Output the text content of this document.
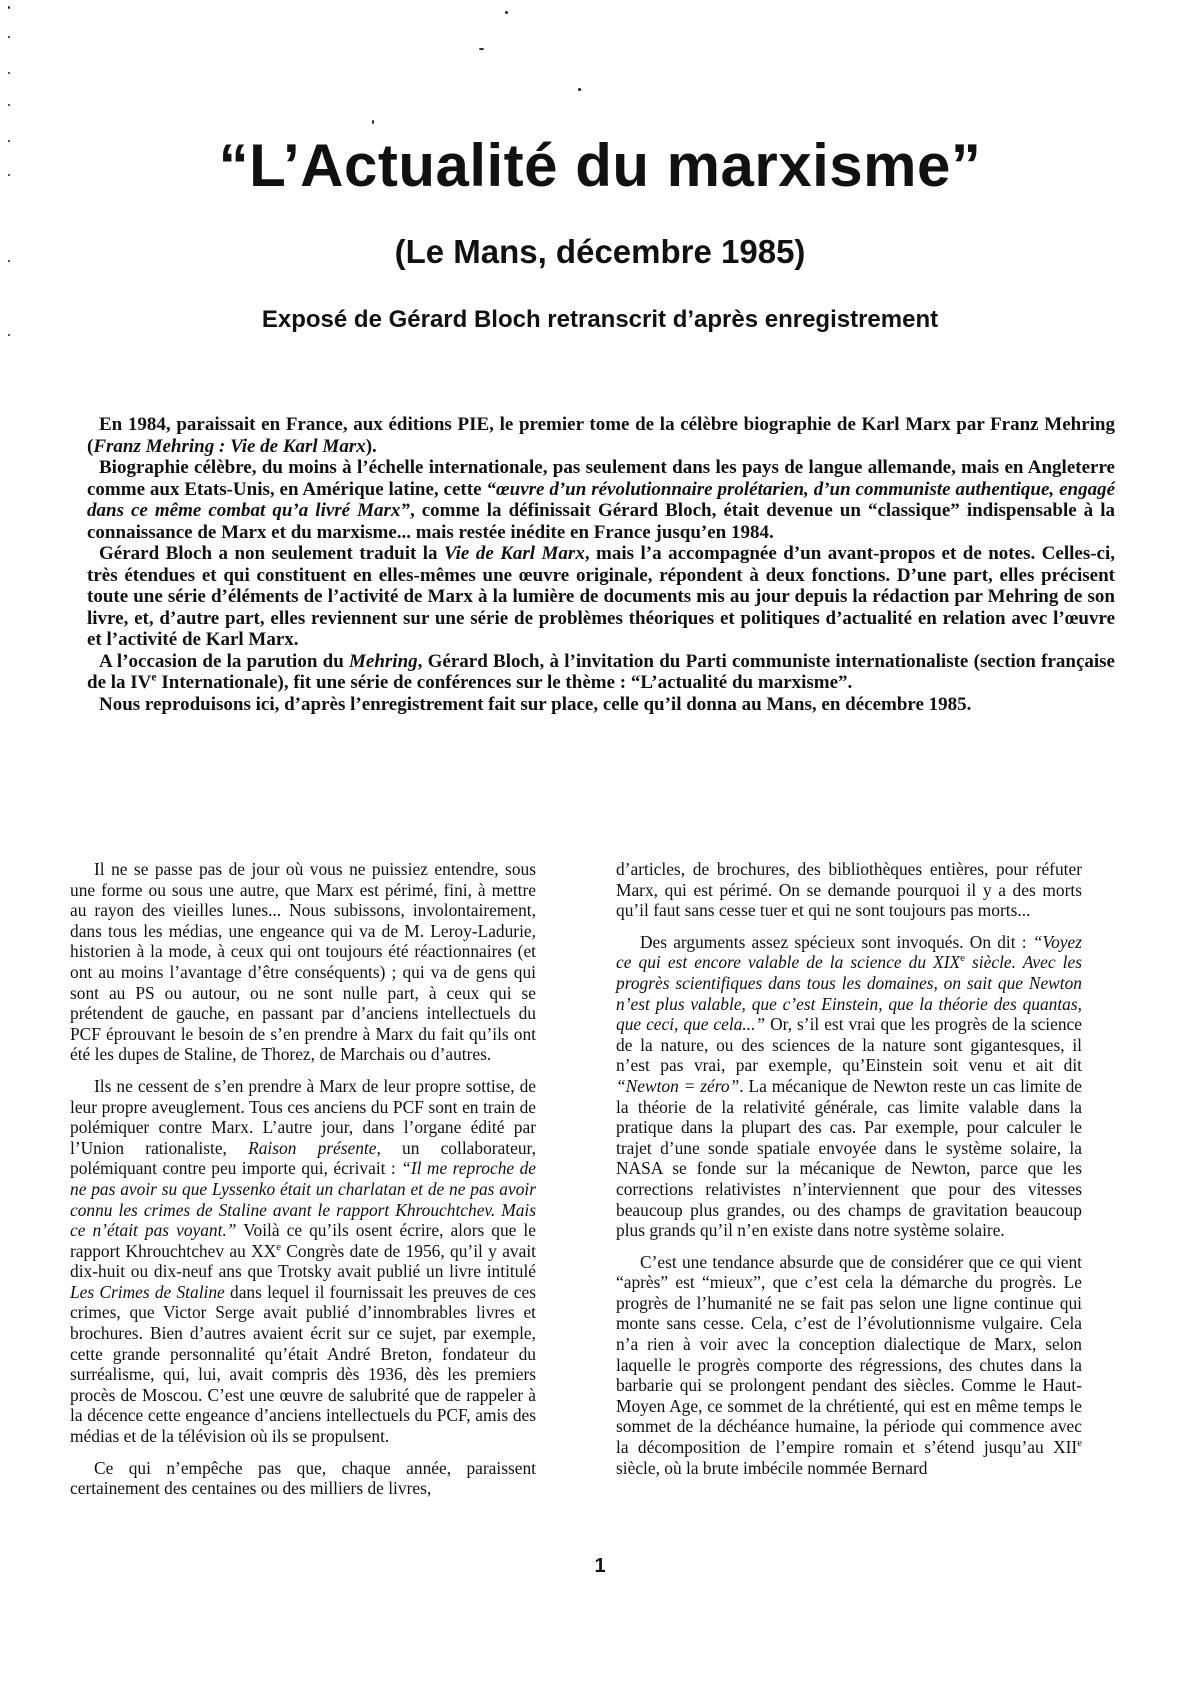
“L’Actualité du marxisme”
(Le Mans, décembre 1985)
Exposé de Gérard Bloch retranscrit d’après enregistrement

En 1984, paraissait en France, aux éditions PIE, le premier tome de la célèbre biographie de Karl Marx par Franz Mehring (Franz Mehring : Vie de Karl Marx).

Biographie célèbre, du moins à l’échelle internationale, pas seulement dans les pays de langue allemande, mais en Angleterre comme aux Etats-Unis, en Amérique latine, cette “œuvre d’un révolutionnaire prolétarien, d’un communiste authentique, engagé dans ce même combat qu’a livré Marx”, comme la définissait Gérard Bloch, était devenue un “classique” indispensable à la connaissance de Marx et du marxisme... mais restée inédite en France jusqu’en 1984.

Gérard Bloch a non seulement traduit la Vie de Karl Marx, mais l’a accompagnée d’un avant-propos et de notes. Celles-ci, très étendues et qui constituent en elles-mêmes une œuvre originale, répondent à deux fonctions. D’une part, elles précisent toute une série d’éléments de l’activité de Marx à la lumière de documents mis au jour depuis la rédaction par Mehring de son livre, et, d’autre part, elles reviennent sur une série de problèmes théoriques et politiques d’actualité en relation avec l’œuvre et l’activité de Karl Marx.

A l’occasion de la parution du Mehring, Gérard Bloch, à l’invitation du Parti communiste internationaliste (section française de la IVe Internationale), fit une série de conférences sur le thème : “L’actualité du marxisme”.

Nous reproduisons ici, d’après l’enregistrement fait sur place, celle qu’il donna au Mans, en décembre 1985.

Il ne se passe pas de jour où vous ne puissiez entendre, sous une forme ou sous une autre, que Marx est périmé, fini, à mettre au rayon des vieilles lunes... Nous subissons, involontairement, dans tous les médias, une engeance qui va de M. Leroy-Ladurie, historien à la mode, à ceux qui ont toujours été réactionnaires (et ont au moins l’avantage d’être conséquents) ; qui va de gens qui sont au PS ou autour, ou ne sont nulle part, à ceux qui se prétendent de gauche, en passant par d’anciens intellectuels du PCF éprouvant le besoin de s’en prendre à Marx du fait qu’ils ont été les dupes de Staline, de Thorez, de Marchais ou d’autres.

Ils ne cessent de s’en prendre à Marx de leur propre sottise, de leur propre aveuglement. Tous ces anciens du PCF sont en train de polémiquer contre Marx. L’autre jour, dans l’organe édité par l’Union rationaliste, Raison présente, un collaborateur, polémiquant contre peu importe qui, écrivait : “Il me reproche de ne pas avoir su que Lyssenko était un charlatan et de ne pas avoir connu les crimes de Staline avant le rapport Khrouchtchev. Mais ce n’était pas voyant.” Voilà ce qu’ils osent écrire, alors que le rapport Khrouchtchev au XXe Congrès date de 1956, qu’il y avait dix-huit ou dix-neuf ans que Trotsky avait publié un livre intitulé Les Crimes de Staline dans lequel il fournissait les preuves de ces crimes, que Victor Serge avait publié d’innombrables livres et brochures. Bien d’autres avaient écrit sur ce sujet, par exemple, cette grande personnalité qu’était André Breton, fondateur du surréalisme, qui, lui, avait compris dès 1936, dès les premiers procès de Moscou. C’est une œuvre de salubrité que de rappeler à la décence cette engeance d’anciens intellectuels du PCF, amis des médias et de la télévision où ils se propulsent.

Ce qui n’empêche pas que, chaque année, paraissent certainement des centaines ou des milliers de livres,

d’articles, de brochures, des bibliothèques entières, pour réfuter Marx, qui est périmé. On se demande pourquoi il y a des morts qu’il faut sans cesse tuer et qui ne sont toujours pas morts...

Des arguments assez spécieux sont invoqués. On dit : “Voyez ce qui est encore valable de la science du XIXe siècle. Avec les progrès scientifiques dans tous les domaines, on sait que Newton n’est plus valable, que c’est Einstein, que la théorie des quantas, que ceci, que cela...” Or, s’il est vrai que les progrès de la science de la nature, ou des sciences de la nature sont gigantesques, il n’est pas vrai, par exemple, qu’Einstein soit venu et ait dit “Newton = zéro”. La mécanique de Newton reste un cas limite de la théorie de la relativité générale, cas limite valable dans la pratique dans la plupart des cas. Par exemple, pour calculer le trajet d’une sonde spatiale envoyée dans le système solaire, la NASA se fonde sur la mécanique de Newton, parce que les corrections relativistes n’interviennent que pour des vitesses beaucoup plus grandes, ou des champs de gravitation beaucoup plus grands qu’il n’en existe dans notre système solaire.

C’est une tendance absurde que de considérer que ce qui vient “après” est “mieux”, que c’est cela la démarche du progrès. Le progrès de l’humanité ne se fait pas selon une ligne continue qui monte sans cesse. Cela, c’est de l’évolutionnisme vulgaire. Cela n’a rien à voir avec la conception dialectique de Marx, selon laquelle le progrès comporte des régressions, des chutes dans la barbarie qui se prolongent pendant des siècles. Comme le Haut-Moyen Age, ce sommet de la chrétienté, qui est en même temps le sommet de la déchéance humaine, la période qui commence avec la décomposition de l’empire romain et s’étend jusqu’au XIIe siècle, où la brute imbécile nommée Bernard

1
